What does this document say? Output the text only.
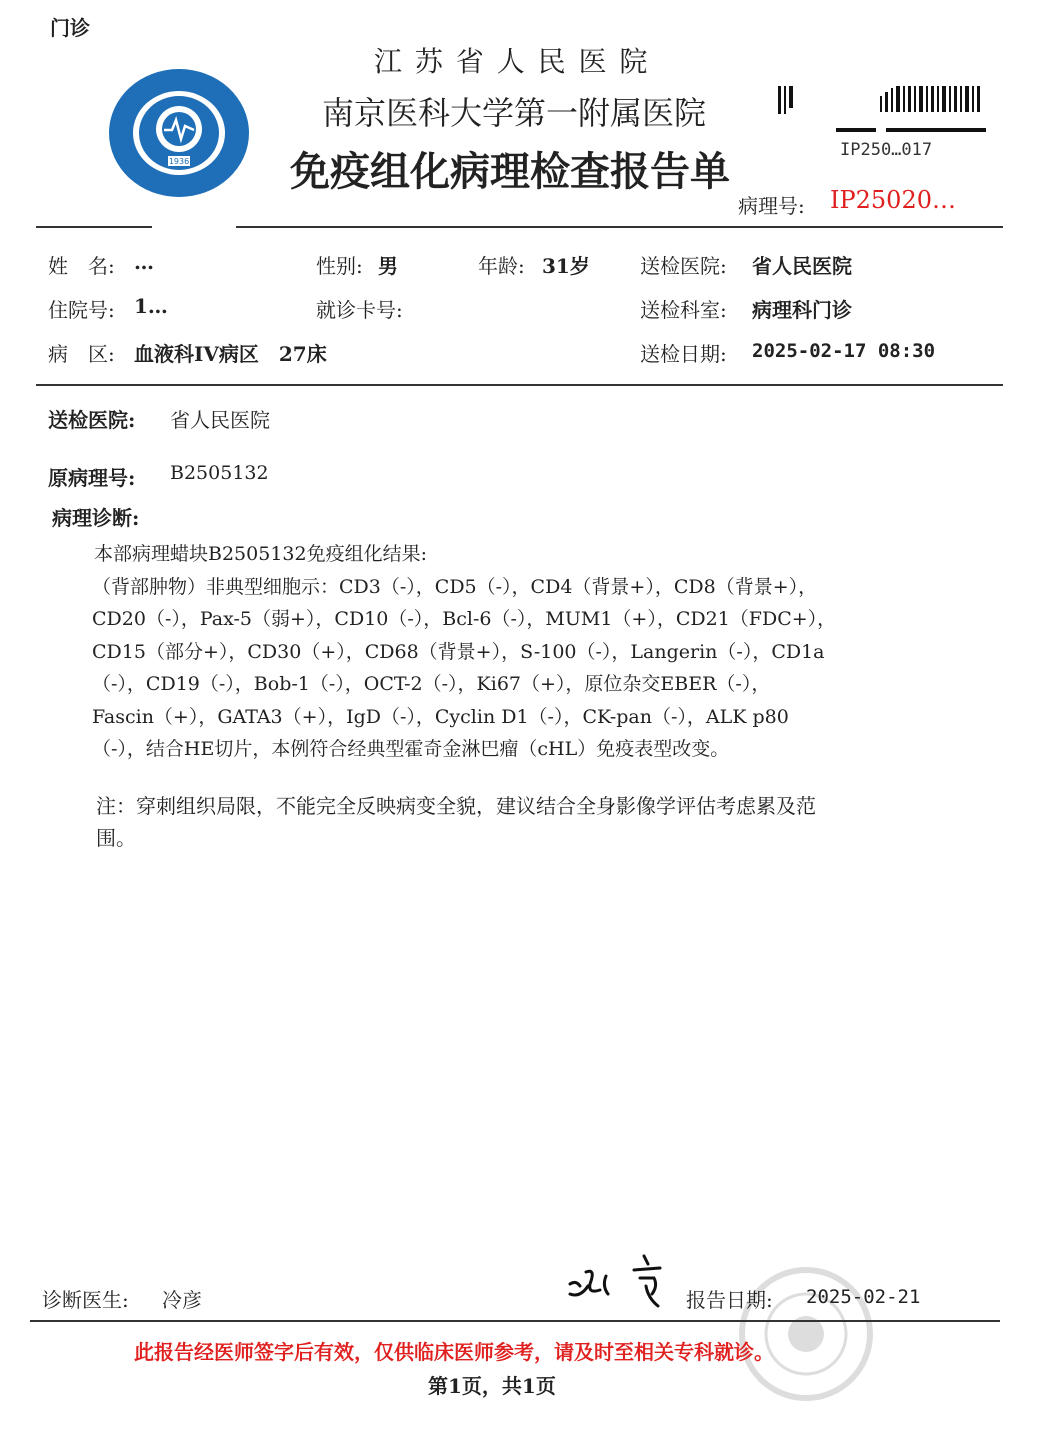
门诊
1936
江 苏 省 人 民 医 院
南京医科大学第一附属医院
免疫组化病理检查报告单	IP250…017
病理号: IP25020…
姓　名: …	性别: 男	年龄: 31岁	送检医院: 省人民医院
住院号: 1…	就诊卡号:	送检科室: 病理科门诊
病　区: 血液科IV病区　27床	送检日期: 2025-02-17 08:30
送检医院: 省人民医院
原病理号: B2505132
病理诊断:

本部病理蜡块B2505132免疫组化结果:

（背部肿物）非典型细胞示：CD3（-），CD5（-），CD4（背景+），CD8（背景+），

CD20（-），Pax-5（弱+），CD10（-），Bcl-6（-），MUM1（+），CD21（FDC+），

CD15（部分+），CD30（+），CD68（背景+），S-100（-），Langerin（-），CD1a

（-），CD19（-），Bob-1（-），OCT-2（-），Ki67（+），原位杂交EBER（-），

Fascin（+），GATA3（+），IgD（-），Cyclin D1（-），CK-pan（-），ALK p80

（-），结合HE切片，本例符合经典型霍奇金淋巴瘤（cHL）免疫表型改变。

注：穿刺组织局限，不能完全反映病变全貌，建议结合全身影像学评估考虑累及范

围。

诊断医生: 冷彦	报告日期: 2025-02-21
此报告经医师签字后有效，仅供临床医师参考，请及时至相关专科就诊。
第1页，共1页
